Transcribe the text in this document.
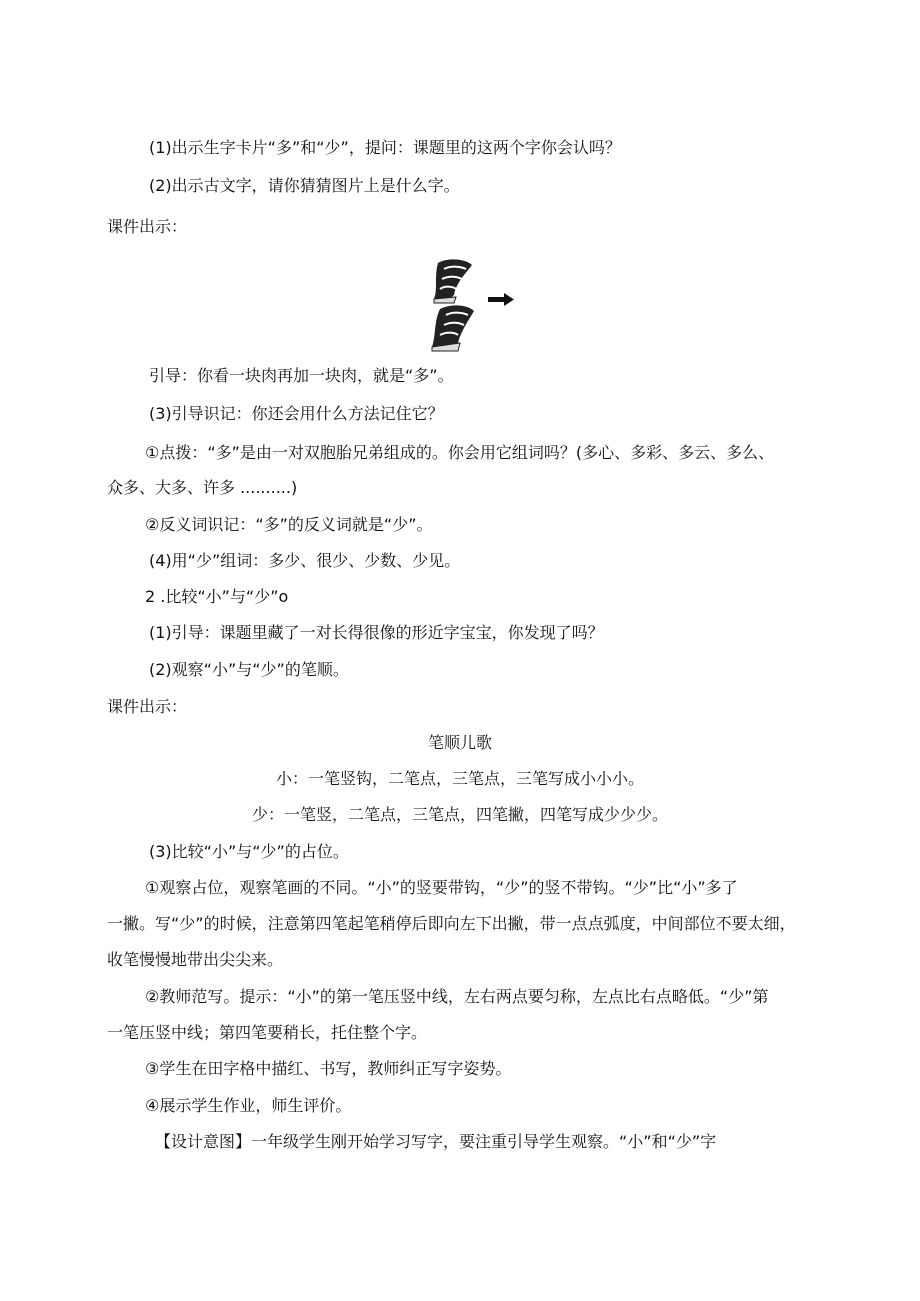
(1)出示生字卡片“多”和“少”，提问：课题里的这两个字你会认吗？
(2)出示古文字，请你猜猜图片上是什么字。
课件出示：
引导：你看一块肉再加一块肉，就是“多”。
(3)引导识记：你还会用什么方法记住它？
①点拨：“多”是由一对双胞胎兄弟组成的。你会用它组词吗？(多心、多彩、多云、多么、
众多、大多、许多 ..........)
②反义词识记：“多”的反义词就是“少”。
(4)用“少”组词：多少、很少、少数、少见。
2 .比较“小”与“少”o
(1)引导：课题里藏了一对长得很像的形近字宝宝，你发现了吗？
(2)观察“小”与“少”的笔顺。
课件出示：
笔顺儿歌
小：一笔竖钩，二笔点，三笔点，三笔写成小小小。
少：一笔竖，二笔点，三笔点，四笔撇，四笔写成少少少。
(3)比较“小”与“少”的占位。
①观察占位，观察笔画的不同。“小”的竖要带钩，“少”的竖不带钩。“少”比“小”多了
一撇。写“少”的时候，注意第四笔起笔稍停后即向左下出撇，带一点点弧度，中间部位不要太细，
收笔慢慢地带出尖尖来。
②教师范写。提示：“小”的第一笔压竖中线，左右两点要匀称，左点比右点略低。“少”第
一笔压竖中线；第四笔要稍长，托住整个字。
③学生在田字格中描红、书写，教师纠正写字姿势。
④展示学生作业，师生评价。
【设计意图】一年级学生刚开始学习写字，要注重引导学生观察。“小”和“少”字
